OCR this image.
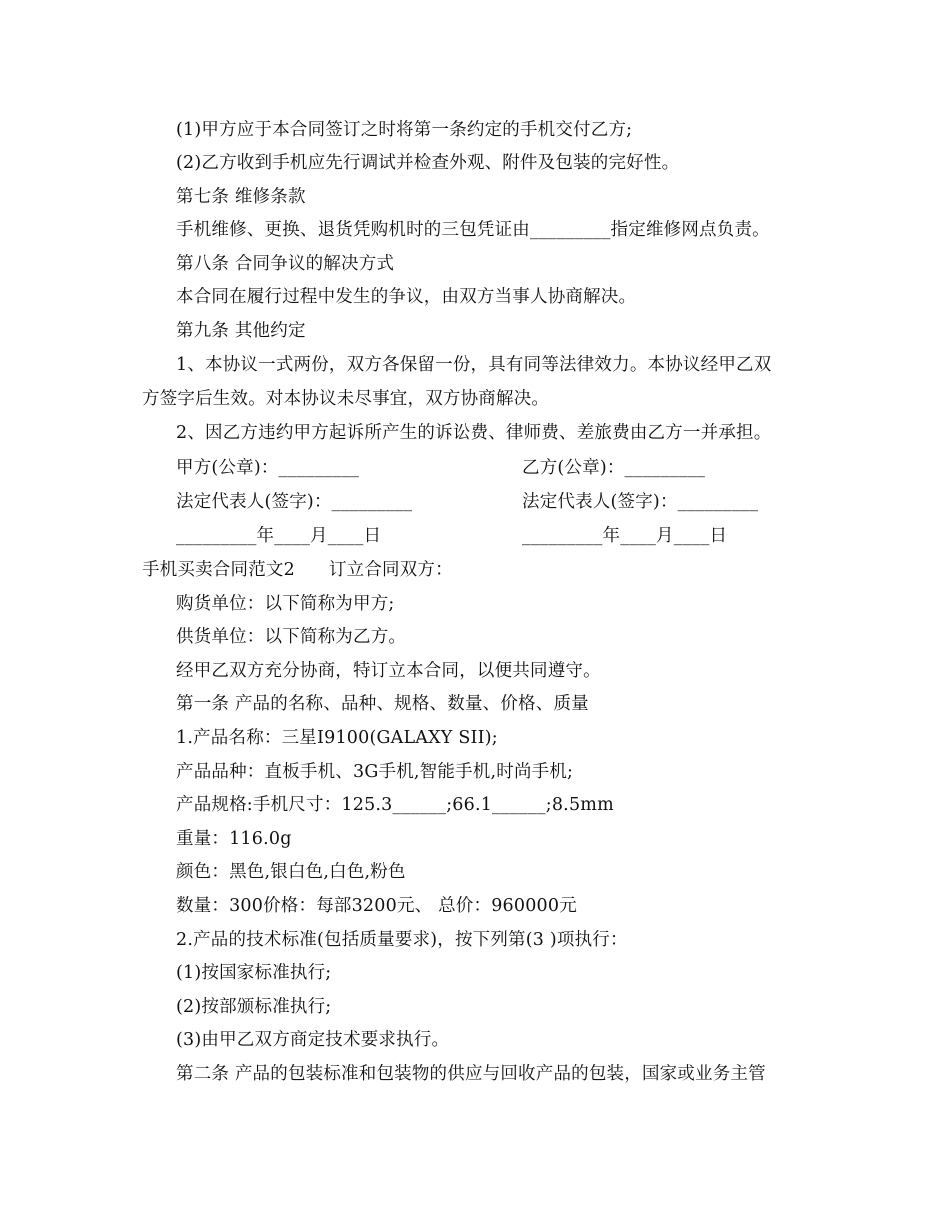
(1)甲方应于本合同签订之时将第一条约定的手机交付乙方;
(2)乙方收到手机应先行调试并检查外观、附件及包装的完好性。
第七条 维修条款
手机维修、更换、退货凭购机时的三包凭证由_________指定维修网点负责。
第八条 合同争议的解决方式
本合同在履行过程中发生的争议，由双方当事人协商解决。
第九条 其他约定
1、本协议一式两份，双方各保留一份，具有同等法律效力。本协议经甲乙双
方签字后生效。对本协议未尽事宜，双方协商解决。
2、因乙方违约甲方起诉所产生的诉讼费、律师费、差旅费由乙方一并承担。
甲方(公章)：_________	乙方(公章)：_________
法定代表人(签字)：_________	法定代表人(签字)：_________
_________年____月____日	_________年____月____日
手机买卖合同范文2 订立合同双方：
购货单位：以下简称为甲方;
供货单位：以下简称为乙方。
经甲乙双方充分协商，特订立本合同，以便共同遵守。
第一条 产品的名称、品种、规格、数量、价格、质量
1.产品名称：三星I9100(GALAXY SII);
产品品种：直板手机、3G手机,智能手机,时尚手机;
产品规格:手机尺寸：125.3______;66.1______;8.5mm
重量：116.0g
颜色：黑色,银白色,白色,粉色
数量：300价格：每部3200元、 总价：960000元
2.产品的技术标准(包括质量要求)，按下列第(3 )项执行：
(1)按国家标准执行;
(2)按部颁标准执行;
(3)由甲乙双方商定技术要求执行。
第二条 产品的包装标准和包装物的供应与回收产品的包装，国家或业务主管
